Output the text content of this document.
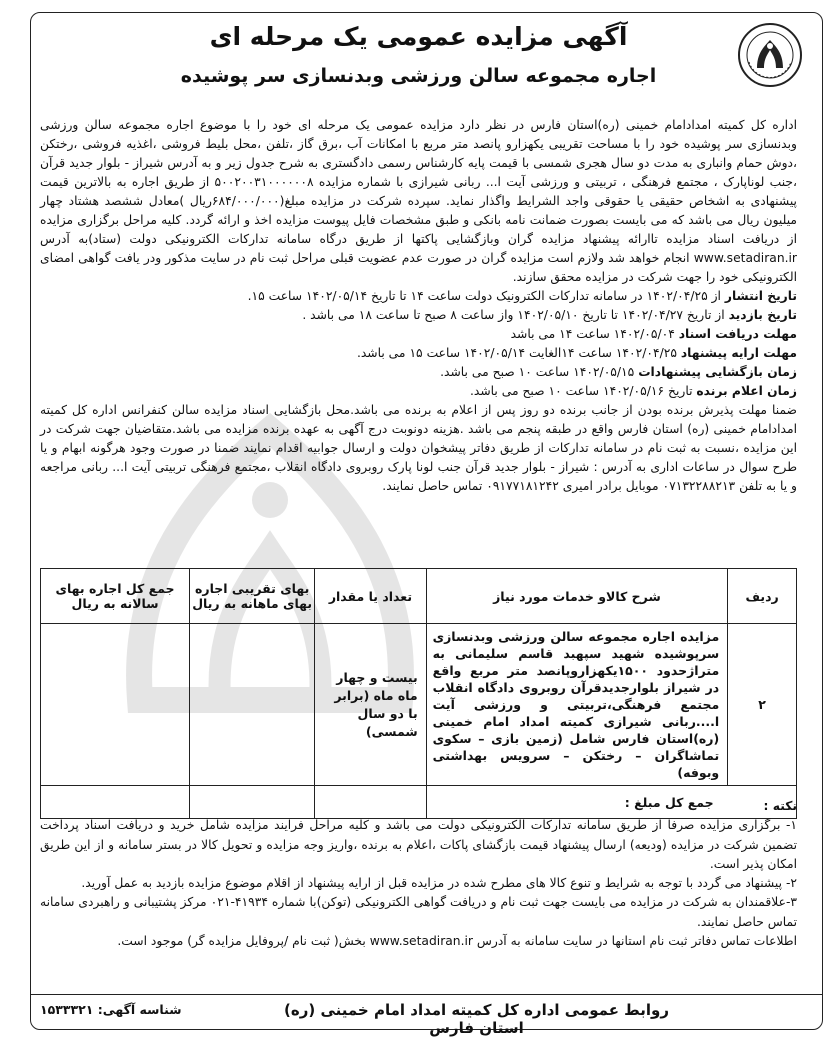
آگهی مزایده عمومی یک مرحله ای
اجاره مجموعه سالن ورزشی وبدنسازی سر پوشیده

اداره کل کمیته امدادامام خمینی (ره)استان فارس در نظر دارد مزایده عمومی یک مرحله ای خود را با موضوع اجاره مجموعه سالن ورزشی وبدنسازی سر پوشیده خود را با مساحت تقریبی یکهزارو پانصد متر مربع با امکانات آب ،برق گاز ،تلفن ،محل بلیط فروشی ،اغذیه فروشی ،رختکن ،دوش حمام وانباری به مدت دو سال هجری شمسی با قیمت پایه کارشناس رسمی دادگستری به شرح جدول زیر و به آدرس شیراز - بلوار جدید قرآن ،جنب لوناپارک ، مجتمع فرهنگی ، تربیتی و ورزشی آیت ا... ربانی شیرازی با شماره مزایده ۵۰۰۲۰۰۳۱۰۰۰۰۰۰۸ از طریق اجاره به بالاترین قیمت پیشنهادی به اشخاص حقیقی یا حقوقی واجد الشرایط واگذار نماید. سپرده شرکت در مزایده مبلغ(۶۸۴/۰۰۰/۰۰۰ریال )معادل ششصد هشتاد چهار میلیون ریال می باشد که می بایست بصورت ضمانت نامه بانکی و طبق مشخصات فایل پیوست مزایده اخذ و ارائه گردد. کلیه مراحل برگزاری مزایده از دریافت اسناد مزایده تاارائه پیشنهاد مزایده گران وبازگشایی پاکتها از طریق درگاه سامانه تدارکات الکترونیکی دولت (ستاد)به آدرس www.setadiran.ir انجام خواهد شد ولازم است مزایده گران در صورت عدم عضویت قبلی مراحل ثبت نام در سایت مذکور ودر یافت گواهی امضای الکترونیکی خود را جهت شرکت در مزایده محقق سازند.

تاریخ انتشار از ۱۴۰۲/۰۴/۲۵ در سامانه تدارکات الکترونیک دولت ساعت ۱۴ تا تاریخ ۱۴۰۲/۰۵/۱۴ ساعت ۱۵.

تاریخ بازدید از تاریخ ۱۴۰۲/۰۴/۲۷ تا تاریخ ۱۴۰۲/۰۵/۱۰ واز ساعت ۸ صبح تا ساعت ۱۸ می باشد .

مهلت دریافت اسناد ۱۴۰۲/۰۵/۰۴ ساعت ۱۴ می باشد

مهلت ارایه پیشنهاد ۱۴۰۲/۰۴/۲۵ ساعت ۱۴الغایت ۱۴۰۲/۰۵/۱۴ ساعت ۱۵ می باشد.

زمان بازگشایی پیشنهادات ۱۴۰۲/۰۵/۱۵ ساعت ۱۰ صبح می باشد.

زمان اعلام برنده تاریخ ۱۴۰۲/۰۵/۱۶ ساعت ۱۰ صبح می باشد.

ضمنا مهلت پذیرش برنده بودن از جانب برنده دو روز پس از اعلام به برنده می باشد.محل بازگشایی اسناد مزایده سالن کنفرانس اداره کل کمیته امدادامام خمینی (ره) استان فارس واقع در طبقه پنجم می باشد .هزینه دونوبت درج آگهی به عهده برنده مزایده می باشد.متقاضیان جهت شرکت در این مزایده ،نسبت به ثبت نام در سامانه تدارکات از طریق دفاتر پیشخوان دولت و ارسال جوابیه اقدام نمایند ضمنا در صورت وجود هرگونه ابهام و یا طرح سوال در ساعات اداری به آدرس : شیراز - بلوار جدید قرآن جنب لونا پارک روبروی دادگاه انقلاب ،مجتمع فرهنگی تربیتی آیت ا... ربانی مراجعه و یا به تلفن ۰۷۱۳۲۲۸۸۲۱۳ موبایل برادر امیری ۰۹۱۷۷۱۸۱۲۴۲ تماس حاصل نمایند.

ردیف	شرح کالاو خدمات مورد نیاز	تعداد یا مقدار	بهای تقریبی اجاره بهای ماهانه به ریال	جمع کل اجاره بهای سالانه به ریال
۲	مزایده اجاره مجموعه سالن ورزشی وبدنسازی سرپوشیده شهید سپهبد قاسم سلیمانی به متراژحدود ۱۵۰۰یکهزاروپانصد متر مربع واقع در شیراز بلوارجدیدقرآن روبروی دادگاه انقلاب مجتمع فرهنگی،تربیتی و ورزشی آیت ا....ربانی شیرازی کمیته امداد امام خمینی (ره)استان فارس شامل (زمین بازی – سکوی تماشاگران – رختکن – سرویس بهداشتی وبوفه)	بیست و چهار ماه ماه (برابر با دو سال شمسی)		
	جمع کل مبلغ :				نکته :

۱- برگزاری مزایده صرفا از طریق سامانه تدارکات الکترونیکی دولت می باشد و کلیه مراحل فرایند مزایده شامل خرید و دریافت اسناد پرداخت تضمین شرکت در مزایده (ودیعه) ارسال پیشنهاد قیمت بازگشای پاکات ،اعلام به برنده ،واریز وجه مزایده و تحویل کالا در بستر سامانه و از این طریق امکان پذیر است.

۲- پیشنهاد می گردد با توجه به شرایط و تنوع کالا های مطرح شده در مزایده قبل از ارایه پیشنهاد از اقلام موضوع مزایده بازدید به عمل آورید.

۳-علاقمندان به شرکت در مزایده می بایست جهت ثبت نام و دریافت گواهی الکترونیکی (توکن)با شماره ۴۱۹۳۴-۰۲۱ مرکز پشتیبانی و راهبردی سامانه تماس حاصل نمایند.

اطلاعات تماس دفاتر ثبت نام استانها در سایت سامانه به آدرس www.setadiran.ir بخش( ثبت نام /پروفایل مزایده گر) موجود است.

روابط عمومی اداره کل کمیته امداد امام خمینی (ره) استان فارس
شناسه آگهی: ۱۵۳۳۳۲۱
